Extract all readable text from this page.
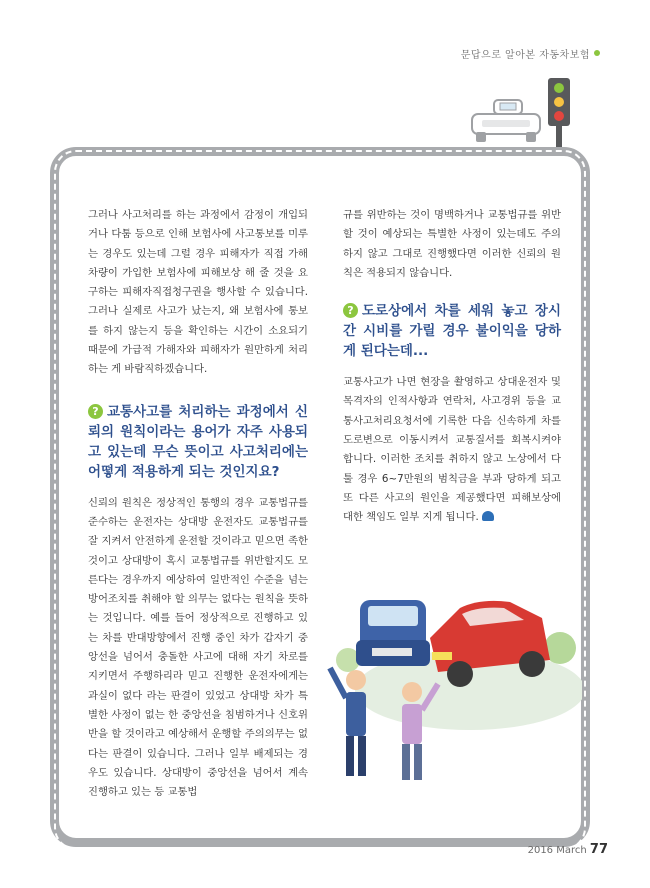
문답으로 알아본 자동차보험

그러나 사고처리를 하는 과정에서 감정이 개입되거나 다툼 등으로 인해 보험사에 사고통보를 미루는 경우도 있는데 그럴 경우 피해자가 직접 가해 차량이 가입한 보험사에 피해보상 해 줄 것을 요구하는 피해자직접청구권을 행사할 수 있습니다. 그러나 실제로 사고가 났는지, 왜 보험사에 통보를 하지 않는지 등을 확인하는 시간이 소요되기 때문에 가급적 가해자와 피해자가 원만하게 처리하는 게 바람직하겠습니다.

? 교통사고를 처리하는 과정에서 신뢰의 원칙이라는 용어가 자주 사용되고 있는데 무슨 뜻이고 사고처리에는 어떻게 적용하게 되는 것인지요?

신뢰의 원칙은 정상적인 통행의 경우 교통법규를 준수하는 운전자는 상대방 운전자도 교통법규를 잘 지켜서 안전하게 운전할 것이라고 믿으면 족한 것이고 상대방이 혹시 교통법규를 위반할지도 모른다는 경우까지 예상하여 일반적인 수준을 넘는 방어조치를 취해야 할 의무는 없다는 원칙을 뜻하는 것입니다. 예를 들어 정상적으로 진행하고 있는 차를 반대방향에서 진행 중인 차가 갑자기 중앙선을 넘어서 충돌한 사고에 대해 자기 차로를 지키면서 주행하리라 믿고 진행한 운전자에게는 과실이 없다 라는 판결이 있었고 상대방 차가 특별한 사정이 없는 한 중앙선을 침범하거나 신호위반을 할 것이라고 예상해서 운행할 주의의무는 없다는 판결이 있습니다. 그러나 일부 배제되는 경우도 있습니다. 상대방이 중앙선을 넘어서 계속 진행하고 있는 등 교통법

규를 위반하는 것이 명백하거나 교통법규를 위반할 것이 예상되는 특별한 사정이 있는데도 주의하지 않고 그대로 진행했다면 이러한 신뢰의 원칙은 적용되지 않습니다.

? 도로상에서 차를 세워 놓고 장시간 시비를 가릴 경우 불이익을 당하게 된다는데...

교통사고가 나면 현장을 촬영하고 상대운전자 및 목격자의 인적사항과 연락처, 사고경위 등을 교통사고처리요청서에 기록한 다음 신속하게 차를 도로변으로 이동시켜서 교통질서를 회복시켜야 합니다. 이러한 조치를 취하지 않고 노상에서 다툴 경우 6~7만원의 범칙금을 부과 당하게 되고 또 다른 사고의 원인을 제공했다면 피해보상에 대한 책임도 일부 지게 됩니다.

2016 March 77
